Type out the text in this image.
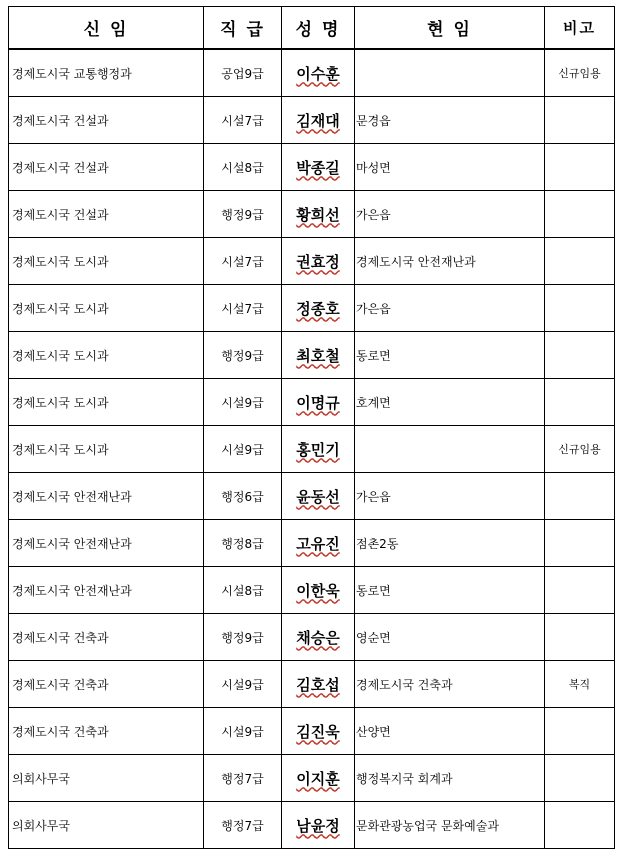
신 임	직 급	성 명	현 임	비고
경제도시국 교통행정과	공업9급	이수훈		신규임용
경제도시국 건설과	시설7급	김재대	문경읍	
경제도시국 건설과	시설8급	박종길	마성면	
경제도시국 건설과	행정9급	황희선	가은읍	
경제도시국 도시과	시설7급	권효정	경제도시국 안전재난과	
경제도시국 도시과	시설7급	정종호	가은읍	
경제도시국 도시과	행정9급	최호철	동로면	
경제도시국 도시과	시설9급	이명규	호계면	
경제도시국 도시과	시설9급	홍민기		신규임용
경제도시국 안전재난과	행정6급	윤동선	가은읍	
경제도시국 안전재난과	행정8급	고유진	점촌2동	
경제도시국 안전재난과	시설8급	이한욱	동로면	
경제도시국 건축과	행정9급	채승은	영순면	
경제도시국 건축과	시설9급	김호섭	경제도시국 건축과	복직
경제도시국 건축과	시설9급	김진욱	산양면	
의회사무국	행정7급	이지훈	행정복지국 회계과	
의회사무국	행정7급	남윤정	문화관광농업국 문화예술과	
